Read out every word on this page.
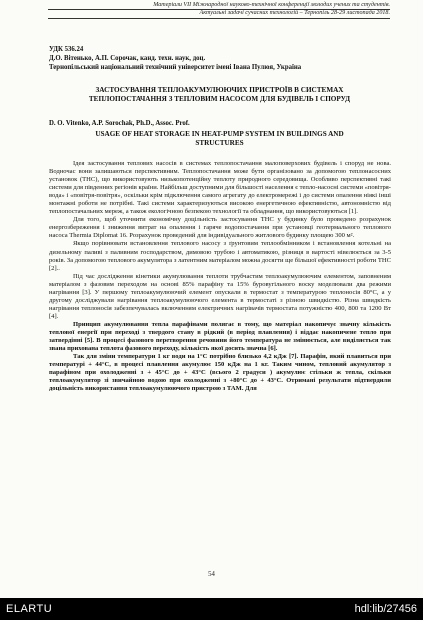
Матеріали VII Міжнародної науково-технічної конференції молодих учених та студентів.
Актуальні задачі сучасних технологій – Тернопіль 28-29 листопада 2018.
УДК 536.24
Д.О. Вітенько, А.П. Сорочак, канд. техн. наук, доц.
Тернопільський національний технічний університет імені Івана Пулюя, Україна
ЗАСТОСУВАННЯ ТЕПЛОАКУМУЛЮЮЧИХ ПРИСТРОЇВ В СИСТЕМАХ
ТЕПЛОПОСТАЧАННЯ З ТЕПЛОВИМ НАСОСОМ ДЛЯ БУДІВЕЛЬ І СПОРУД
D. O. Vitenko, A.P. Sorochak, Ph.D., Assoc. Prof.
USAGE OF HEAT STORAGE IN HEAT-PUMP SYSTEM IN BUILDINGS AND
STRUCTURES

Ідея застосування теплових насосів в системах теплопостачання малоповерхових будівель і споруд не нова. Водночас вони залишаються перспективним. Теплопостачання може бути організовано за допомогою теплонасосних установок (ТНС), що використовують низькопотенційну теплоту природного середовища. Особливо перспективні такі системи для південних регіонів країни. Найбільш доступними для більшості населення є тепло-насосні системи «повітря-вода» і «повітря-повітря», оскільки крім підключення самого агрегату до електромережі і до системи опалення ніякі інші монтажні роботи не потрібні. Такі системи характеризуються високою енергетичною ефективністю, автономністю від теплопостачальних мереж, а також екологічною безпекою технології та обладнання, що використовуються [1].

Для того, щоб уточнити економічну доцільність застосування ТНС у будинку було проведено розрахунок енергозбереження і зниження витрат на опалення і гаряче водопостачання при установці геотермального теплового насоса Thermia Diplomat 16. Розрахунок проведений для індивідуального житлового будинку площею 300 м².

Якщо порівнювати встановлення теплового насосу з ґрунтовим теплообмінником і встановлення котельні на дизельному паливі з паливним господарством, димовою трубою і автоматикою, різниця в вартості нівелюється за 3-5 років. За допомогою теплового акумулятора з латентним матеріалом можна досягти ще більшої ефективності роботи ТНС [2]..

Під час дослідження кінетики акумулювання теплоти трубчастим теплоакумулюючим елементом, заповненим матеріалом з фазовим переходом на основі 85% парафіну та 15% буровугільного воску моделювали два режими нагрівання [3]. У першому теплоакумулюючий елемент опускали в термостат з температурою теплоносія 80°С, а у другому досліджували нагрівання теплоакумулюючого елемента в термостаті з різною швидкістю. Різна швидкість нагрівання теплоносія забезпечувалась включенням електричних нагрівачів термостата потужністю 400, 800 та 1200 Вт [4].

Принцип акумулювання тепла парафінами полягає в тому, що матеріал накопичує значну кількість теплової енергії при переході з твердого стану в рідкий (в період плавлення) і віддає накопичене тепло при затвердінні [5]. В процесі фазового перетворення речовини його температура не змінюється, але виділяється так звана прихована теплота фазового переходу, кількість якої досить значна [6].

Так для зміни температури 1 кг води на 1°С потрібно близько 4,2 кДж [7]. Парафін, який плавиться при температурі + 44°С, в процесі плавлення акумулює 150 кДж на 1 кг. Таким чином, тепловий акумулятор з парафіном при охолодженні з + 45°С до + 43°С (всього 2 градуси ) акумулює стільки ж тепла, скільки теплоакумулятор зі звичайною водою при охолодженні з +80°С до + 43°С. Отримані результати підтвердили доцільність використання теплоакумулюючого пристрою з ТАМ. Для

54
ELARTU	hdl:lib/27456
